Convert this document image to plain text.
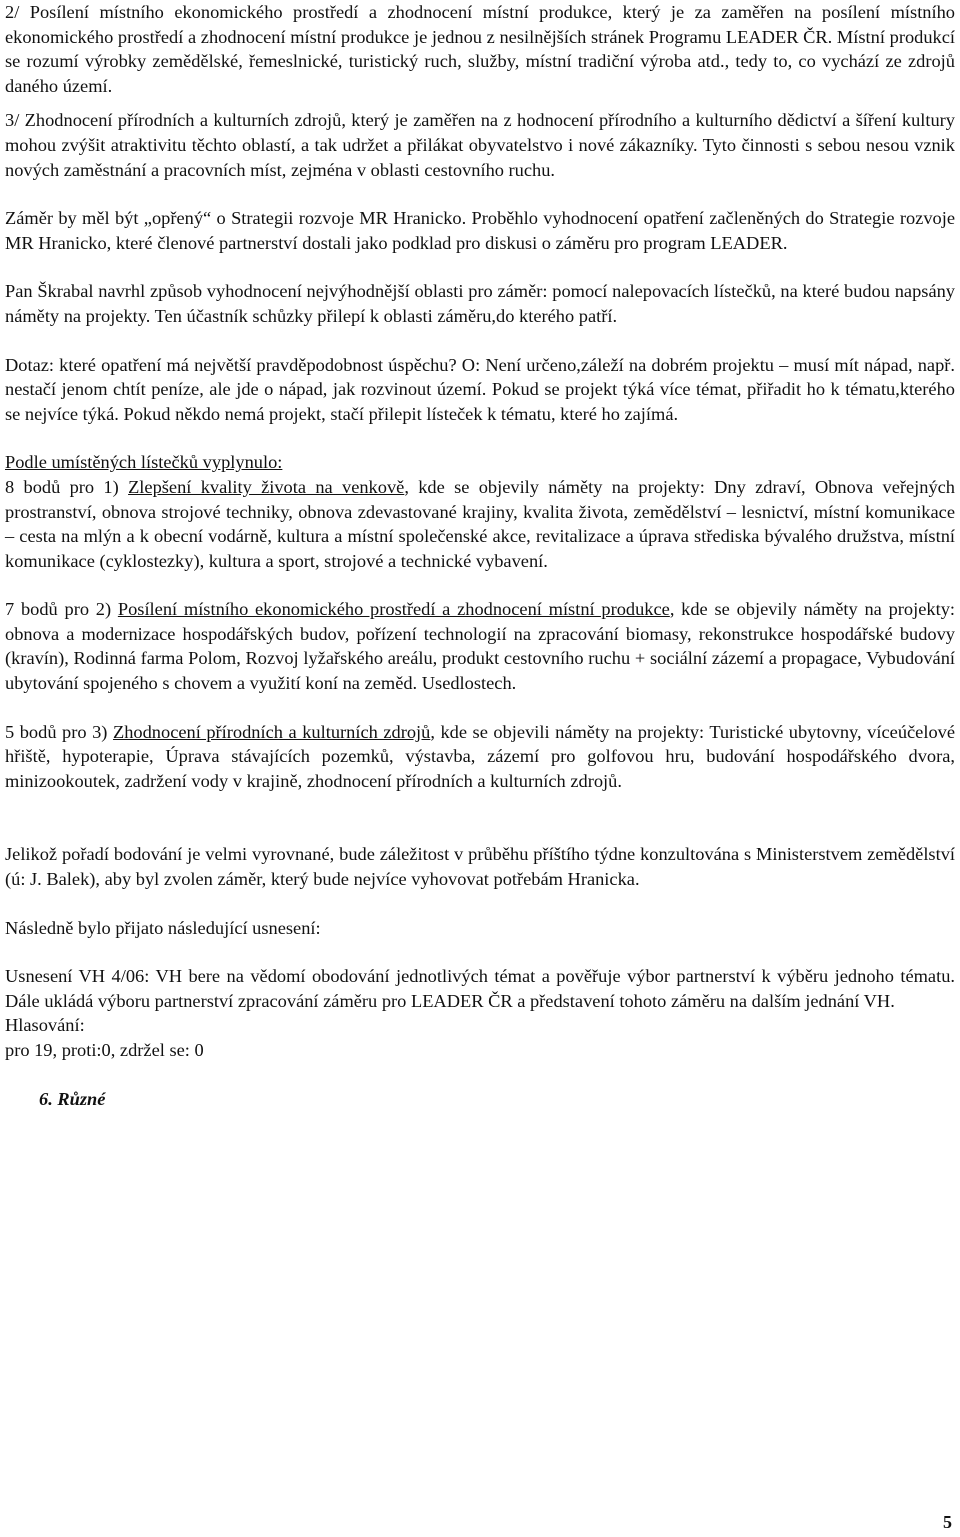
2/ Posílení místního ekonomického prostředí a zhodnocení místní produkce, který je za zaměřen na posílení místního ekonomického prostředí a zhodnocení místní produkce je jednou z nesilnějších stránek Programu LEADER ČR. Místní produkcí se rozumí výrobky zemědělské, řemeslnické, turistický ruch, služby, místní tradiční výroba atd., tedy to, co vychází ze zdrojů daného území.

3/ Zhodnocení přírodních a kulturních zdrojů, který je zaměřen na z hodnocení přírodního a kulturního dědictví a šíření kultury mohou zvýšit atraktivitu těchto oblastí, a tak udržet a přilákat obyvatelstvo i nové zákazníky. Tyto činnosti s sebou nesou vznik nových zaměstnání a pracovních míst, zejména v oblasti cestovního ruchu.

Záměr by měl být „opřený“ o Strategii rozvoje MR Hranicko. Proběhlo vyhodnocení opatření začleněných do Strategie rozvoje MR Hranicko, které členové partnerství dostali jako podklad pro diskusi o záměru pro program LEADER.

Pan Škrabal navrhl způsob vyhodnocení nejvýhodnější oblasti pro záměr: pomocí nalepovacích lístečků, na které budou napsány náměty na projekty. Ten účastník schůzky přilepí k oblasti záměru,do kterého patří.

Dotaz: které opatření má největší pravděpodobnost úspěchu? O: Není určeno,záleží na dobrém projektu – musí mít nápad, např. nestačí jenom chtít peníze, ale jde o nápad, jak rozvinout území. Pokud se projekt týká více témat, přiřadit ho k tématu,kterého se nejvíce týká. Pokud někdo nemá projekt, stačí přilepit lísteček k tématu, které ho zajímá.

Podle umístěných lístečků vyplynulo:

8 bodů pro 1) Zlepšení kvality života na venkově, kde se objevily náměty na projekty: Dny zdraví, Obnova veřejných prostranství, obnova strojové techniky, obnova zdevastované krajiny, kvalita života, zemědělství – lesnictví, místní komunikace – cesta na mlýn a k obecní vodárně, kultura a místní společenské akce, revitalizace a úprava střediska bývalého družstva, místní komunikace (cyklostezky), kultura a sport, strojové a technické vybavení.

7 bodů pro 2) Posílení místního ekonomického prostředí a zhodnocení místní produkce, kde se objevily náměty na projekty: obnova a modernizace hospodářských budov, pořízení technologií na zpracování biomasy, rekonstrukce hospodářské budovy (kravín), Rodinná farma Polom, Rozvoj lyžařského areálu, produkt cestovního ruchu + sociální zázemí a propagace, Vybudování ubytování spojeného s chovem a využití koní na zeměd. Usedlostech.

5 bodů pro 3) Zhodnocení přírodních a kulturních zdrojů, kde se objevili náměty na projekty: Turistické ubytovny, víceúčelové hřiště, hypoterapie, Úprava stávajících pozemků, výstavba, zázemí pro golfovou hru, budování hospodářského dvora, minizookoutek, zadržení vody v krajině, zhodnocení přírodních a kulturních zdrojů.

Jelikož pořadí bodování je velmi vyrovnané, bude záležitost v průběhu příštího týdne konzultována s Ministerstvem zemědělství (ú: J. Balek), aby byl zvolen záměr, který bude nejvíce vyhovovat potřebám Hranicka.

Následně bylo přijato následující usnesení:

Usnesení VH 4/06: VH bere na vědomí obodování jednotlivých témat a pověřuje výbor partnerství k výběru jednoho tématu. Dále ukládá výboru partnerství zpracování záměru pro LEADER ČR a představení tohoto záměru na dalším jednání VH.

Hlasování:

pro 19, proti:0, zdržel se: 0

6. Různé

5
